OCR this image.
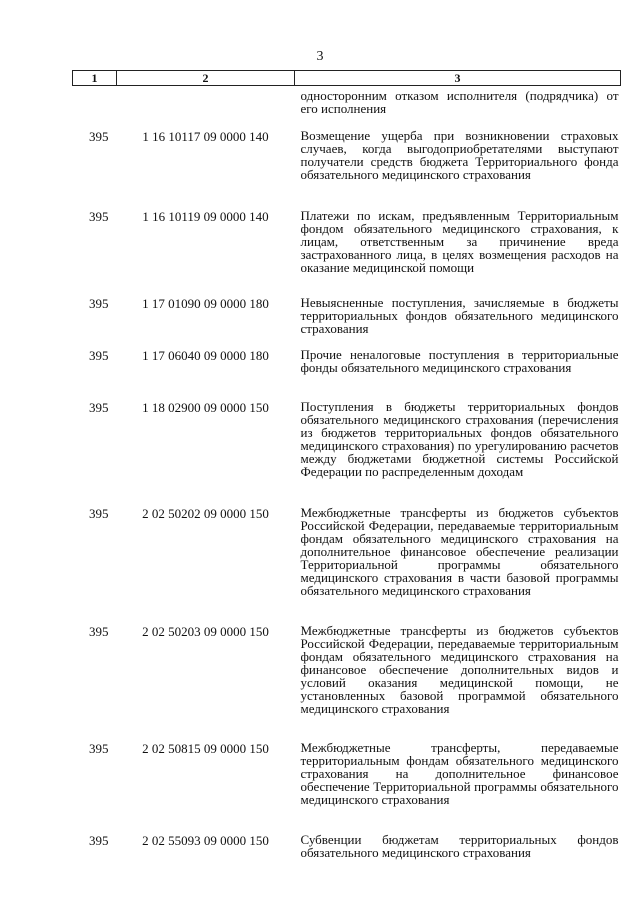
3
1	2	3
		односторонним отказом исполнителя (подрядчика) от его исполнения
395	1 16 10117 09 0000 140	Возмещение ущерба при возникновении страховых случаев, когда выгодоприобретателями выступают получатели средств бюджета Территориального фонда обязательного медицинского страхования
395	1 16 10119 09 0000 140	Платежи по искам, предъявленным Территориальным фондом обязательного медицинского страхования, к лицам, ответственным за причинение вреда застрахованного лица, в целях возмещения расходов на оказание медицинской помощи
395	1 17 01090 09 0000 180	Невыясненные поступления, зачисляемые в бюджеты территориальных фондов обязательного медицинского страхования
395	1 17 06040 09 0000 180	Прочие неналоговые поступления в территориальные фонды обязательного медицинского страхования
395	1 18 02900 09 0000 150	Поступления в бюджеты территориальных фондов обязательного медицинского страхования (перечисления из бюджетов территориальных фондов обязательного медицинского страхования) по урегулированию расчетов между бюджетами бюджетной системы Российской Федерации по распределенным доходам
395	2 02 50202 09 0000 150	Межбюджетные трансферты из бюджетов субъектов Российской Федерации, передаваемые территориальным фондам обязательного медицинского страхования на дополнительное финансовое обеспечение реализации Территориальной программы обязательного медицинского страхования в части базовой программы обязательного медицинского страхования
395	2 02 50203 09 0000 150	Межбюджетные трансферты из бюджетов субъектов Российской Федерации, передаваемые территориальным фондам обязательного медицинского страхования на финансовое обеспечение дополнительных видов и условий оказания медицинской помощи, не установленных базовой программой обязательного медицинского страхования
395	2 02 50815 09 0000 150	Межбюджетные трансферты, передаваемые территориальным фондам обязательного медицинского страхования на дополнительное финансовое обеспечение Территориальной программы обязательного медицинского страхования
395	2 02 55093 09 0000 150	Субвенции бюджетам территориальных фондов обязательного медицинского страхования
